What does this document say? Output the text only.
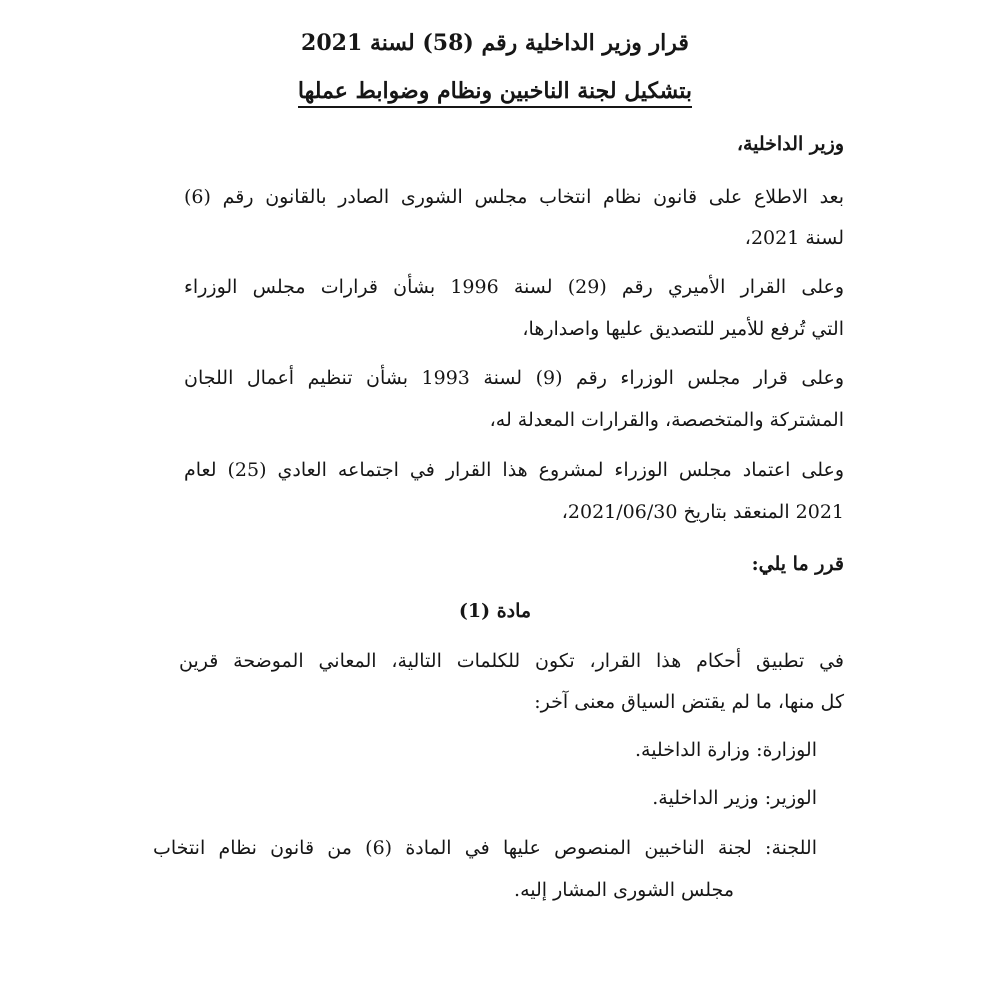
قرار وزير الداخلية رقم (58) لسنة 2021
بتشكيل لجنة الناخبين ونظام وضوابط عملها
وزير الداخلية،
بعد الاطلاع على قانون نظام انتخاب مجلس الشورى الصادر بالقانون رقم (6)
لسنة 2021،
وعلى القرار الأميري رقم (29) لسنة 1996 بشأن قرارات مجلس الوزراء
التي تُرفع للأمير للتصديق عليها واصدارها،
وعلى قرار مجلس الوزراء رقم (9) لسنة 1993 بشأن تنظيم أعمال اللجان
المشتركة والمتخصصة، والقرارات المعدلة له،
وعلى اعتماد مجلس الوزراء لمشروع هذا القرار في اجتماعه العادي (25) لعام
2021 المنعقد بتاريخ 2021/06/30،
قرر ما يلي:
مادة (1)
في تطبيق أحكام هذا القرار، تكون للكلمات التالية، المعاني الموضحة قرين
كل منها، ما لم يقتض السياق معنى آخر:
الوزارة: وزارة الداخلية.
الوزير: وزير الداخلية.
اللجنة: لجنة الناخبين المنصوص عليها في المادة (6) من قانون نظام انتخاب
مجلس الشورى المشار إليه.
